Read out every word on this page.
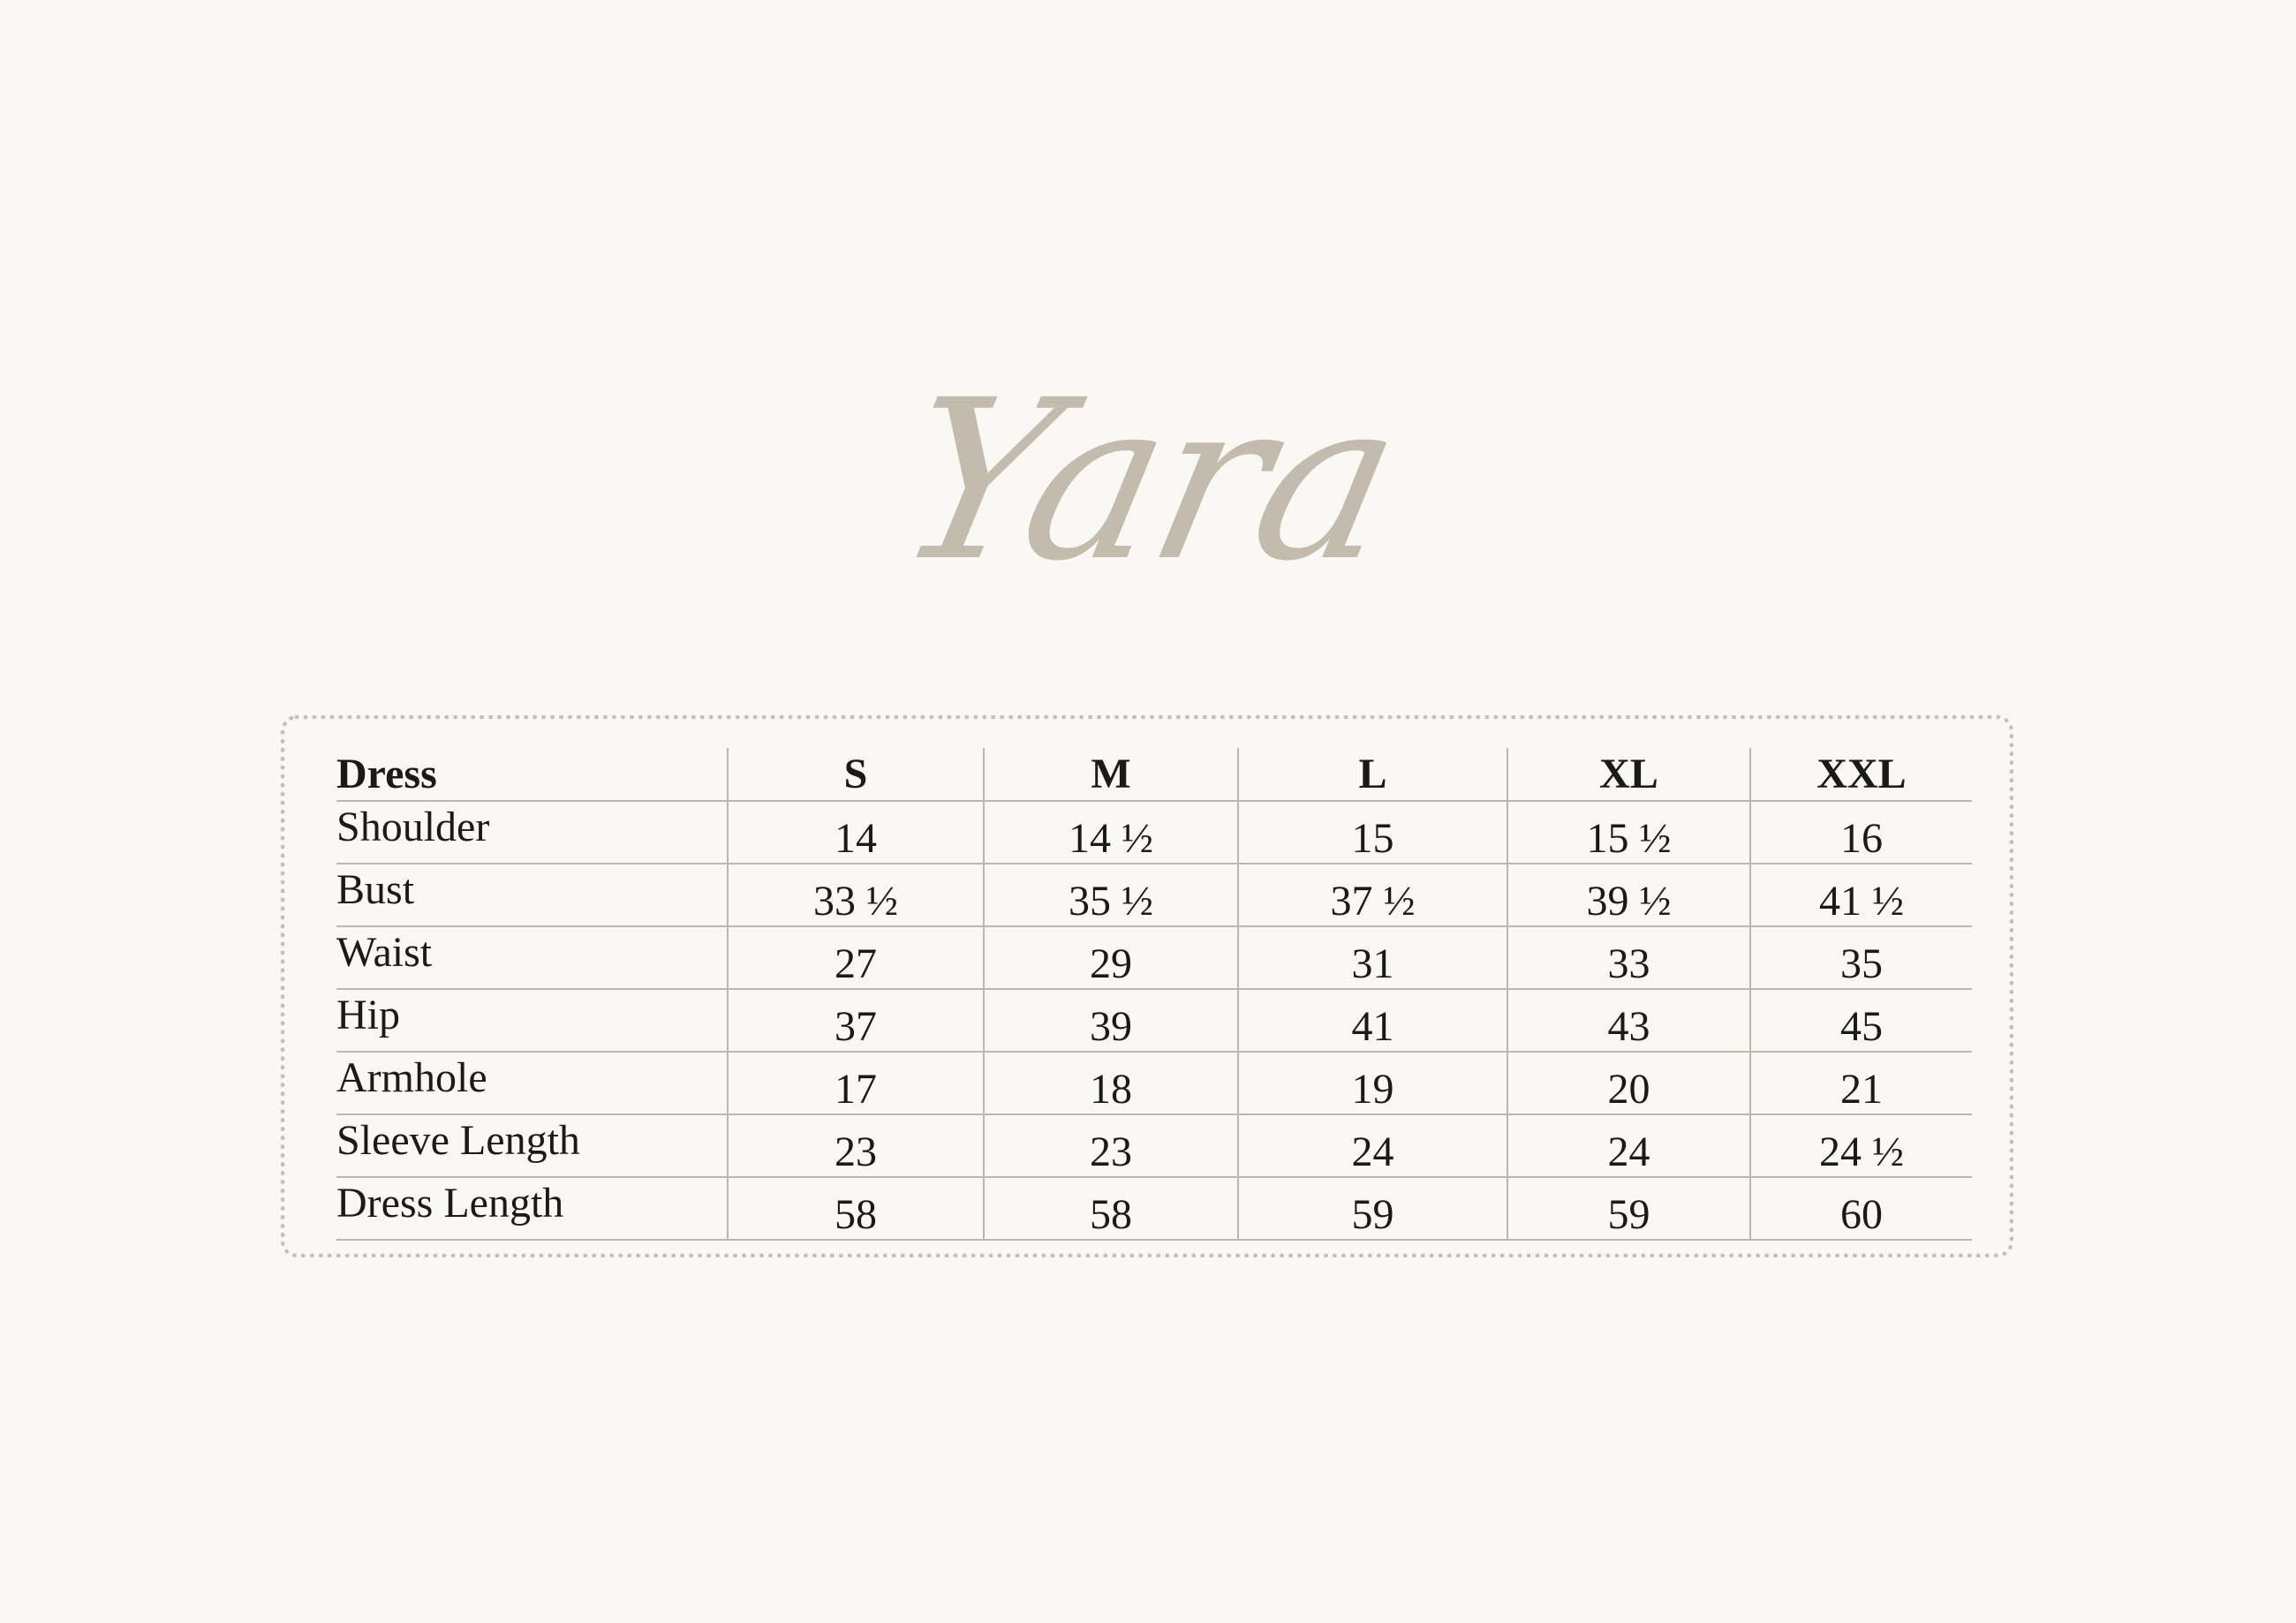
Yara
Dress	S	M	L	XL	XXL
Shoulder	14	14 ½	15	15 ½	16
Bust	33 ½	35 ½	37 ½	39 ½	41 ½
Waist	27	29	31	33	35
Hip	37	39	41	43	45
Armhole	17	18	19	20	21
Sleeve Length	23	23	24	24	24 ½
Dress Length	58	58	59	59	60
